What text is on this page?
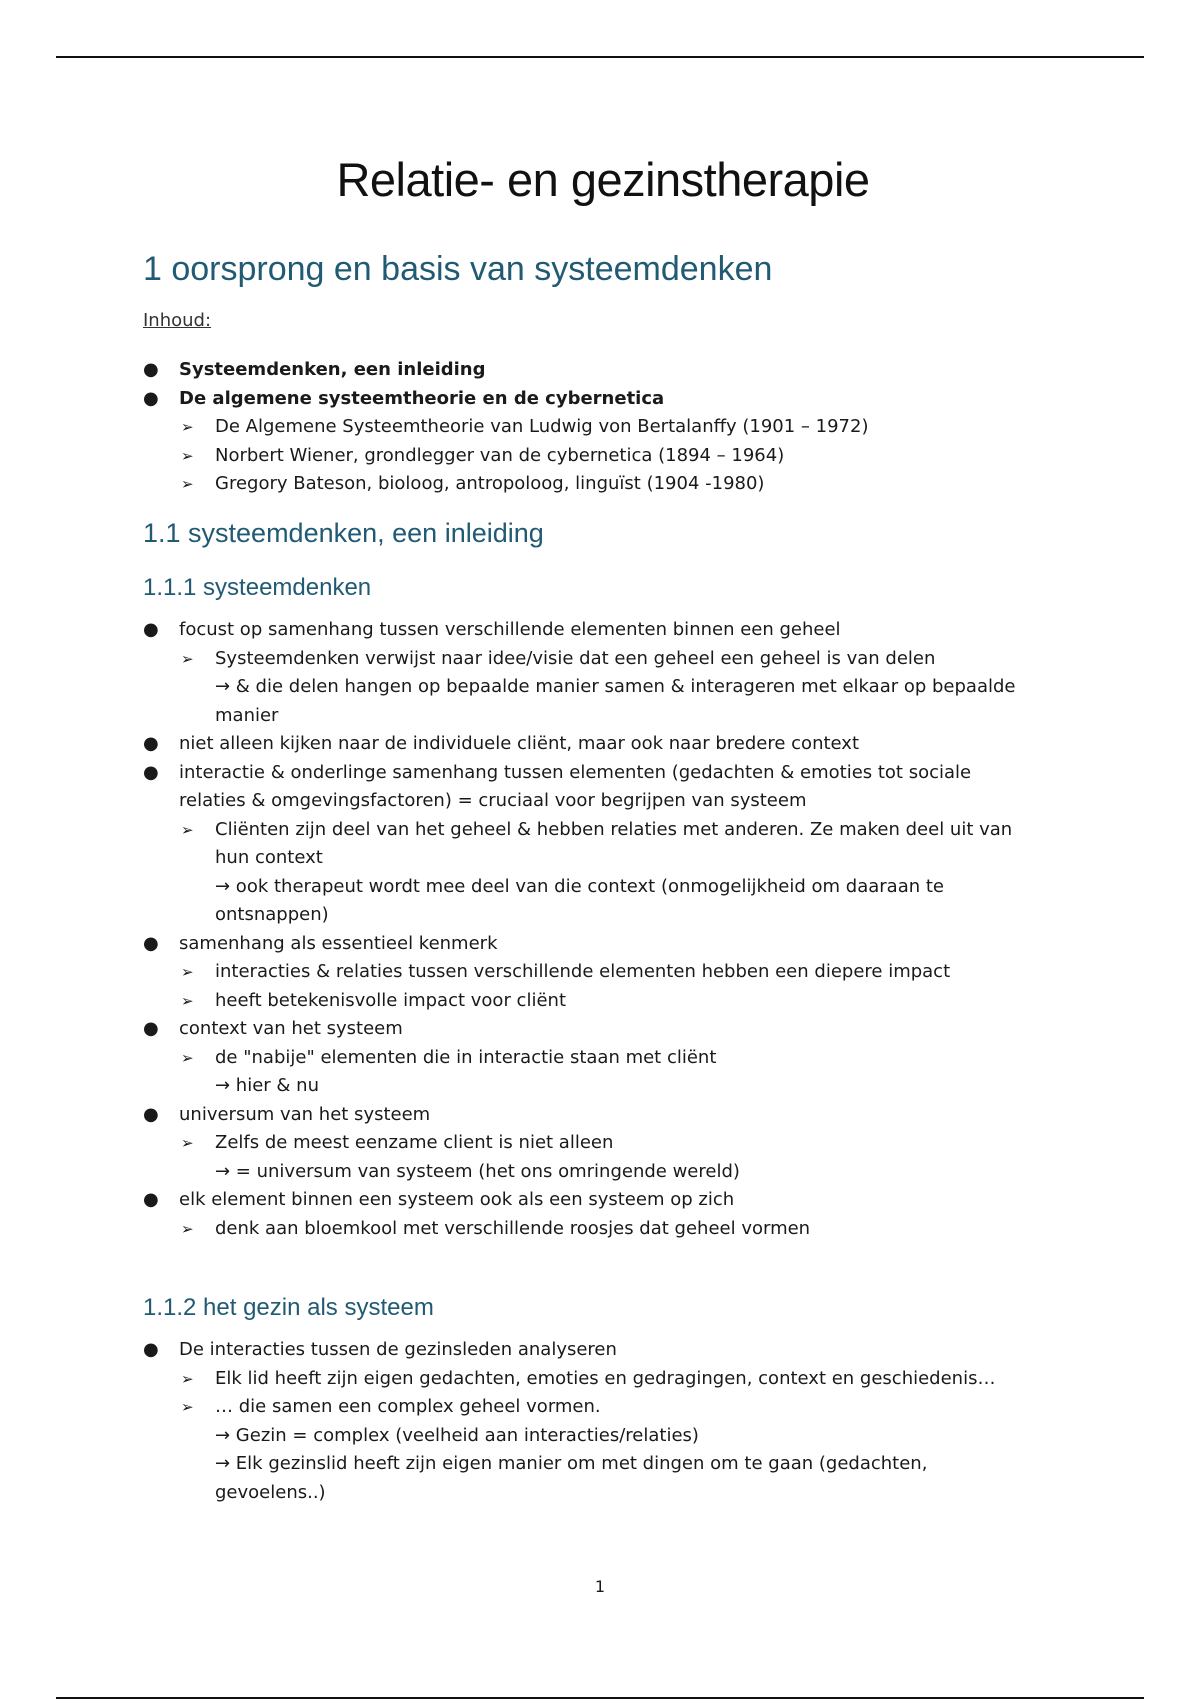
Relatie- en gezinstherapie
1 oorsprong en basis van systeemdenken
Inhoud:
● Systeemdenken, een inleiding
● De algemene systeemtheorie en de cybernetica
➢ De Algemene Systeemtheorie van Ludwig von Bertalanffy (1901 – 1972)
➢ Norbert Wiener, grondlegger van de cybernetica (1894 – 1964)
➢ Gregory Bateson, bioloog, antropoloog, linguïst (1904 -1980)
1.1 systeemdenken, een inleiding
1.1.1 systeemdenken
● focust op samenhang tussen verschillende elementen binnen een geheel
➢ Systeemdenken verwijst naar idee/visie dat een geheel een geheel is van delen
→ & die delen hangen op bepaalde manier samen & interageren met elkaar op bepaalde
manier
● niet alleen kijken naar de individuele cliënt, maar ook naar bredere context
● interactie & onderlinge samenhang tussen elementen (gedachten & emoties tot sociale
relaties & omgevingsfactoren) = cruciaal voor begrijpen van systeem
➢ Cliënten zijn deel van het geheel & hebben relaties met anderen. Ze maken deel uit van
hun context
→ ook therapeut wordt mee deel van die context (onmogelijkheid om daaraan te
ontsnappen)
● samenhang als essentieel kenmerk
➢ interacties & relaties tussen verschillende elementen hebben een diepere impact
➢ heeft betekenisvolle impact voor cliënt
● context van het systeem
➢ de "nabije" elementen die in interactie staan met cliënt
→ hier & nu
● universum van het systeem
➢ Zelfs de meest eenzame client is niet alleen
→ = universum van systeem (het ons omringende wereld)
● elk element binnen een systeem ook als een systeem op zich
➢ denk aan bloemkool met verschillende roosjes dat geheel vormen
1.1.2 het gezin als systeem
● De interacties tussen de gezinsleden analyseren
➢ Elk lid heeft zijn eigen gedachten, emoties en gedragingen, context en geschiedenis…
➢ … die samen een complex geheel vormen.
→ Gezin = complex (veelheid aan interacties/relaties)
→ Elk gezinslid heeft zijn eigen manier om met dingen om te gaan (gedachten,
gevoelens..)
1
